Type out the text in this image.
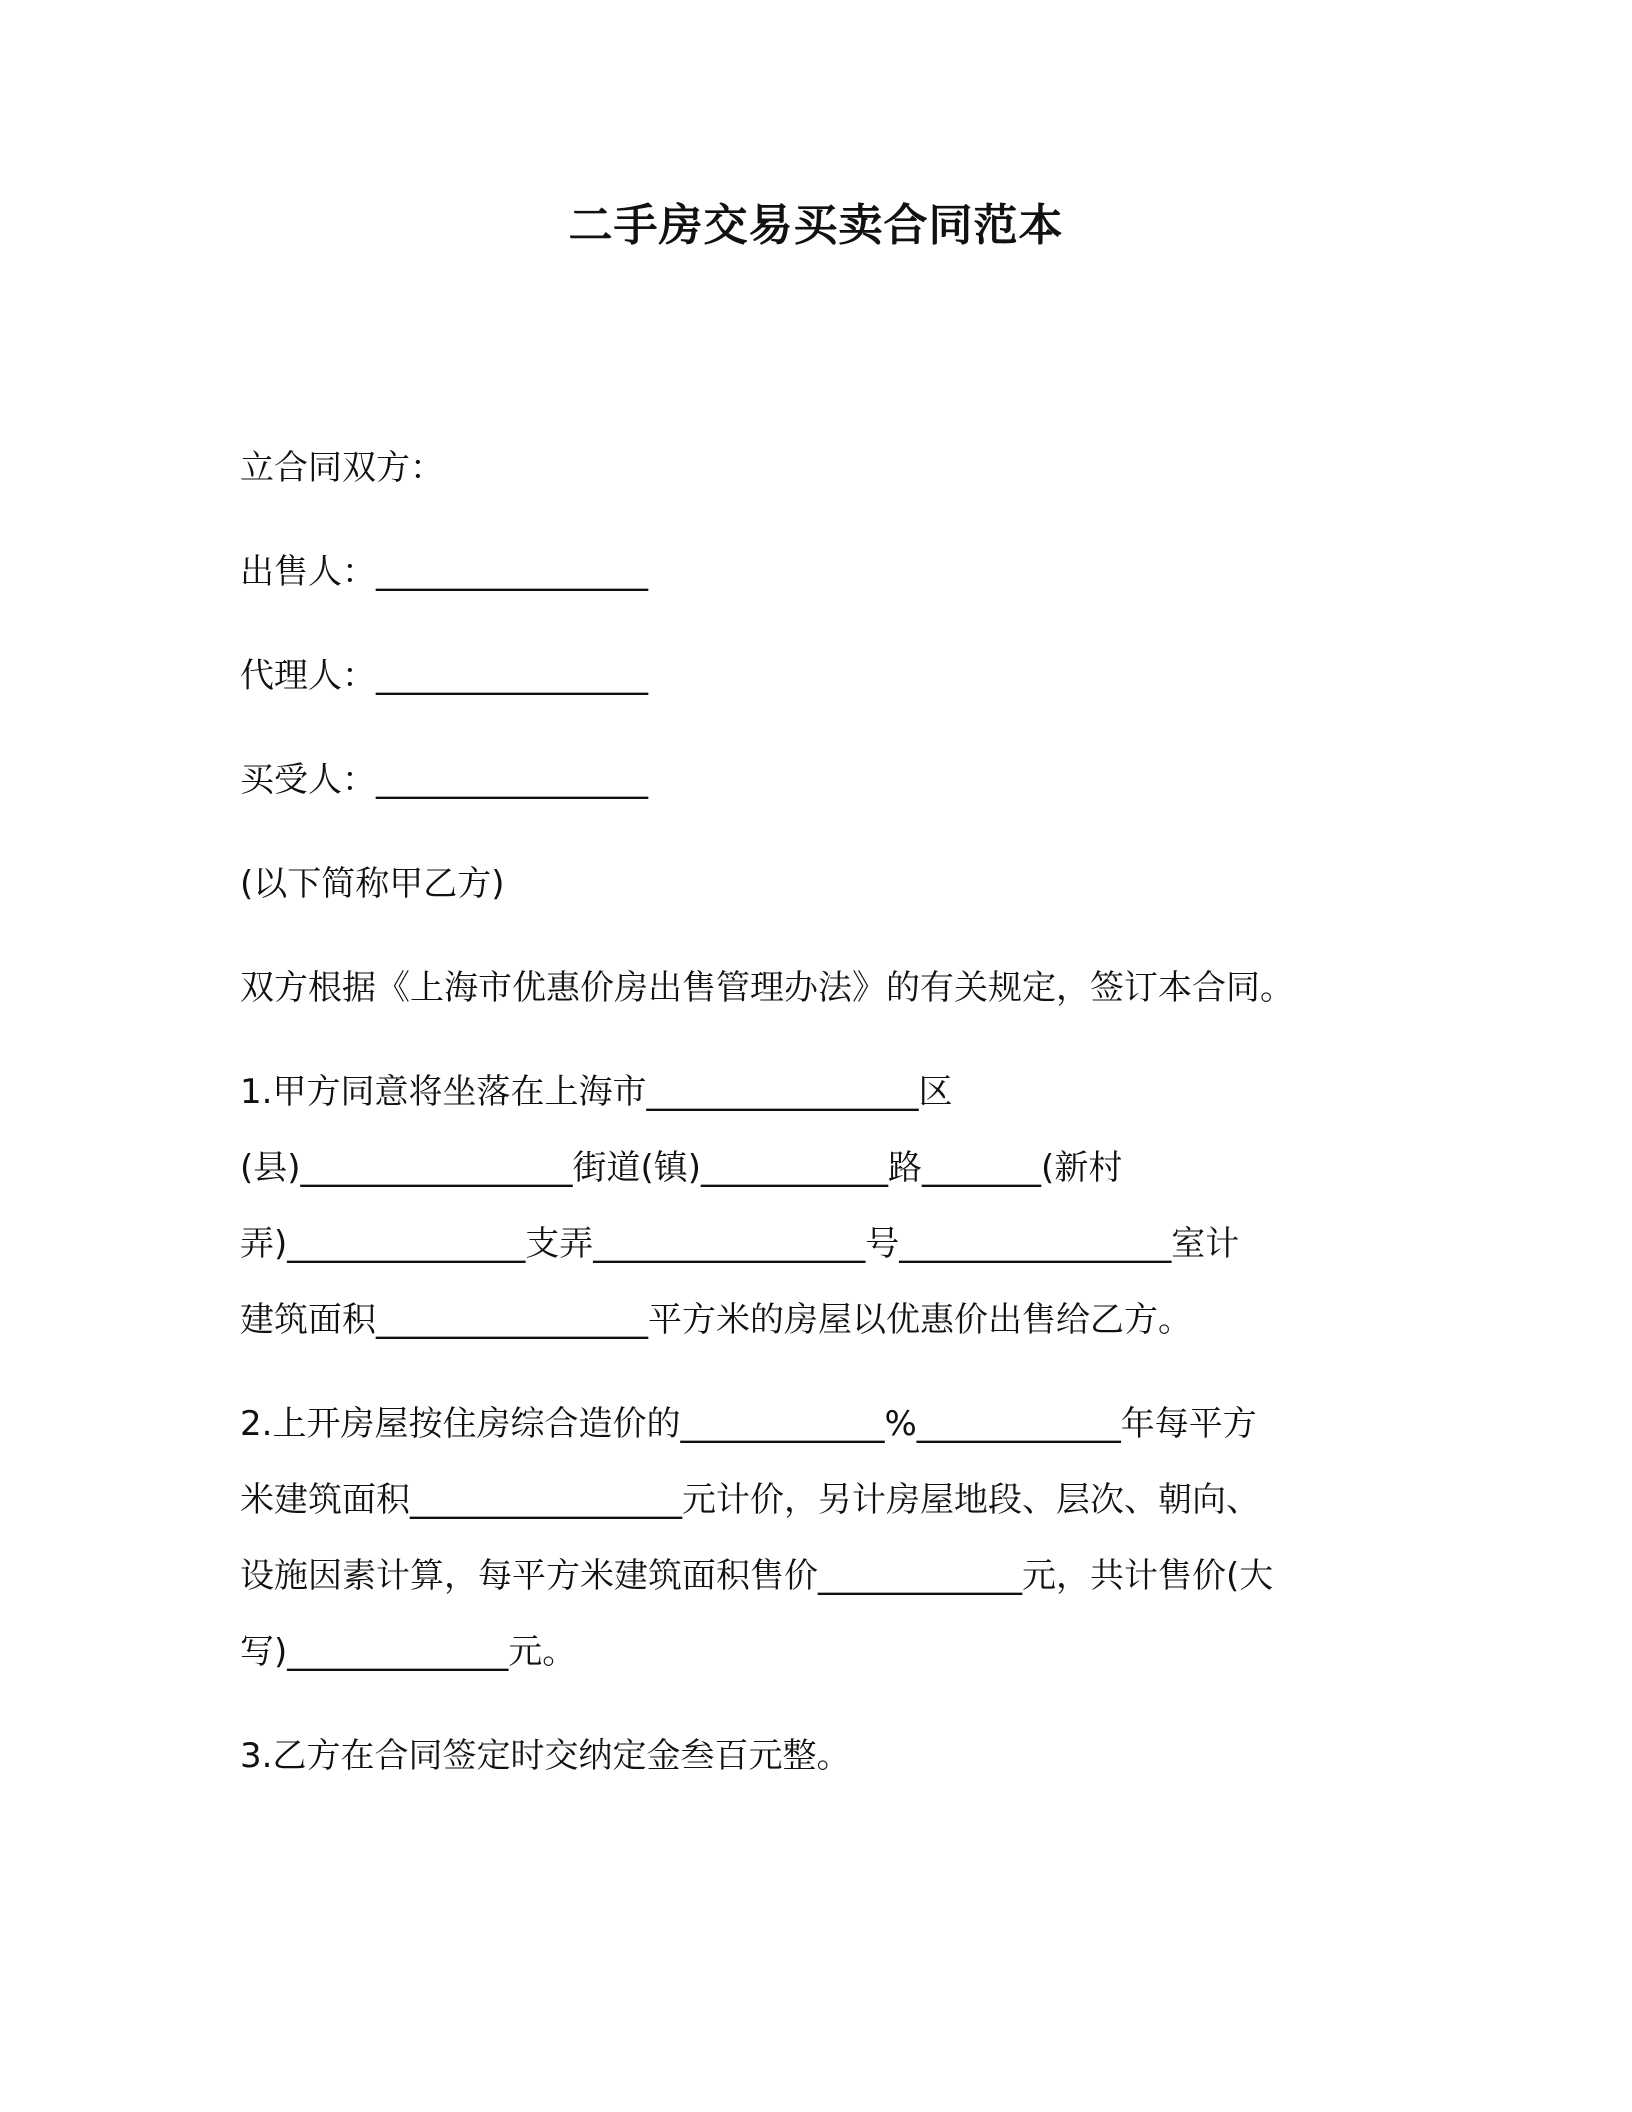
二手房交易买卖合同范本
立合同双方：
出售人：________________
代理人：________________
买受人：________________
(以下简称甲乙方)
双方根据《上海市优惠价房出售管理办法》的有关规定，签订本合同。
1.甲方同意将坐落在上海市________________区
(县)________________街道(镇)___________路_______(新村
弄)______________支弄________________号________________室计
建筑面积________________平方米的房屋以优惠价出售给乙方。
2.上开房屋按住房综合造价的____________%____________年每平方
米建筑面积________________元计价，另计房屋地段、层次、朝向、
设施因素计算，每平方米建筑面积售价____________元，共计售价(大
写)_____________元。
3.乙方在合同签定时交纳定金叁百元整。
